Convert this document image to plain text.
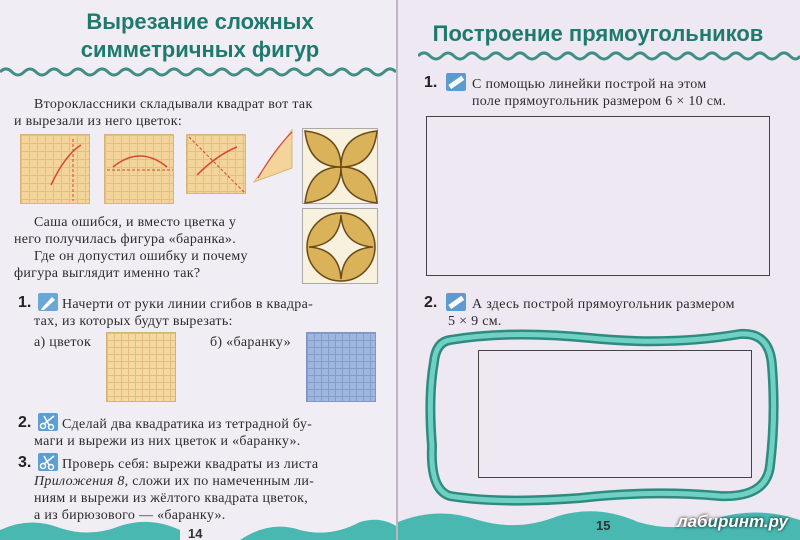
Вырезание сложных
симметричных фигур
Второклассники складывали квадрат вот так
и вырезали из него цветок:
Саша ошибся, и вместо цветка у
него получилась фигура «баранка».
Где он допустил ошибку и почему
фигура выглядит именно так?
1. Начерти от руки линии сгибов в квадра-
тах, из которых будут вырезать:
а) цветок	б) «баранку»
2. Сделай два квадратика из тетрадной бу-
маги и вырежи из них цветок и «баранку».
3. Проверь себя: вырежи квадраты из листа
Приложения 8, сложи их по намеченным ли-
ниям и вырежи из жёлтого квадрата цветок,
а из бирюзового — «баранку».
14
Построение прямоугольников
1. С помощью линейки построй на этом
поле прямоугольник размером 6 × 10 см.
2. А здесь построй прямоугольник размером
5 × 9 см.
15	лабиринт.ру
